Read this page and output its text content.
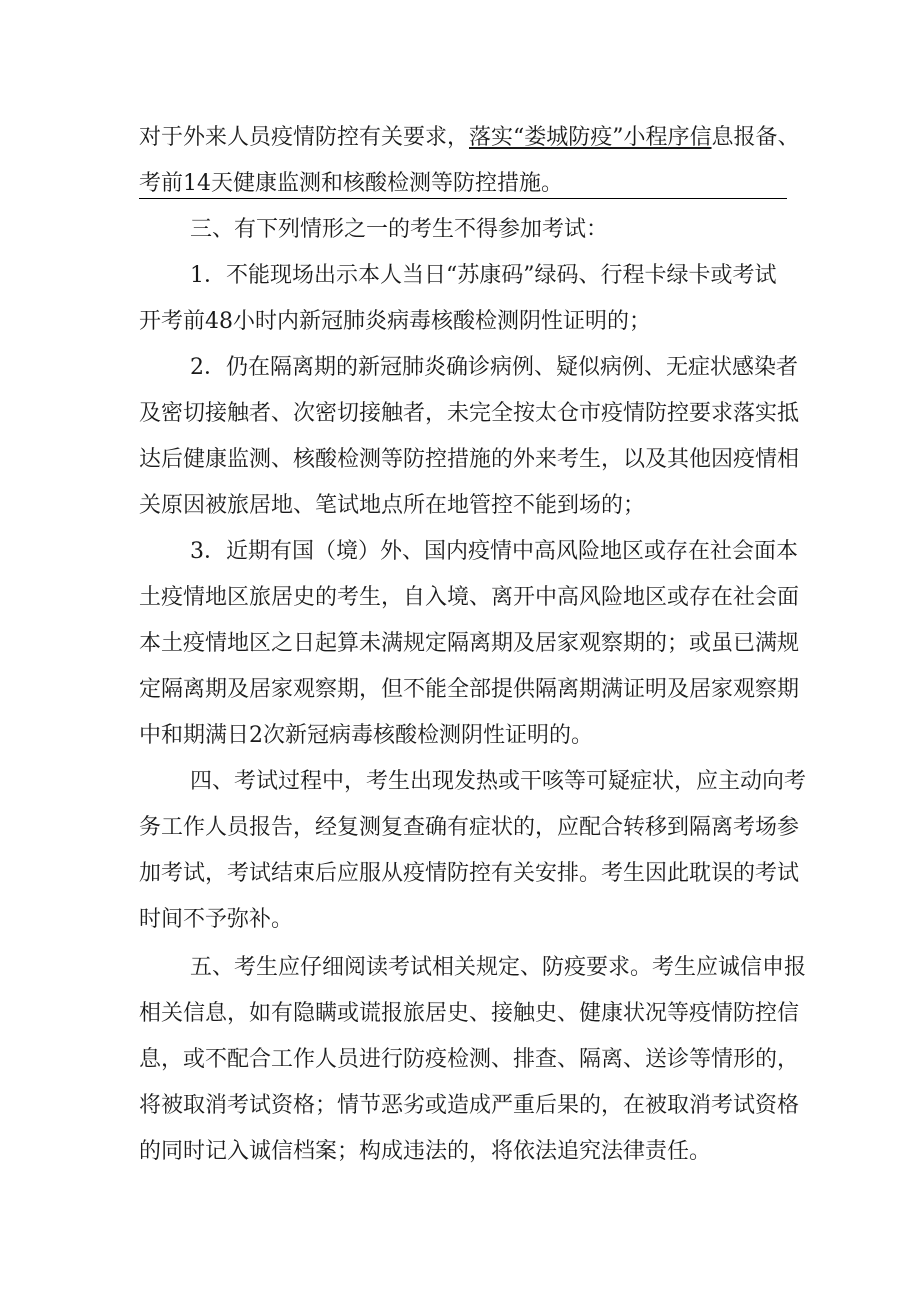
对于外来人员疫情防控有关要求，落实“娄城防疫”小程序信息报备、
考前14天健康监测和核酸检测等防控措施。
三、有下列情形之一的考生不得参加考试：
1．不能现场出示本人当日“苏康码”绿码、行程卡绿卡或考试
开考前48小时内新冠肺炎病毒核酸检测阴性证明的；
2．仍在隔离期的新冠肺炎确诊病例、疑似病例、无症状感染者
及密切接触者、次密切接触者，未完全按太仓市疫情防控要求落实抵
达后健康监测、核酸检测等防控措施的外来考生，以及其他因疫情相
关原因被旅居地、笔试地点所在地管控不能到场的；
3．近期有国（境）外、国内疫情中高风险地区或存在社会面本
土疫情地区旅居史的考生，自入境、离开中高风险地区或存在社会面
本土疫情地区之日起算未满规定隔离期及居家观察期的；或虽已满规
定隔离期及居家观察期，但不能全部提供隔离期满证明及居家观察期
中和期满日2次新冠病毒核酸检测阴性证明的。
四、考试过程中，考生出现发热或干咳等可疑症状，应主动向考
务工作人员报告，经复测复查确有症状的，应配合转移到隔离考场参
加考试，考试结束后应服从疫情防控有关安排。考生因此耽误的考试
时间不予弥补。
五、考生应仔细阅读考试相关规定、防疫要求。考生应诚信申报
相关信息，如有隐瞒或谎报旅居史、接触史、健康状况等疫情防控信
息，或不配合工作人员进行防疫检测、排查、隔离、送诊等情形的，
将被取消考试资格；情节恶劣或造成严重后果的，在被取消考试资格
的同时记入诚信档案；构成违法的，将依法追究法律责任。
